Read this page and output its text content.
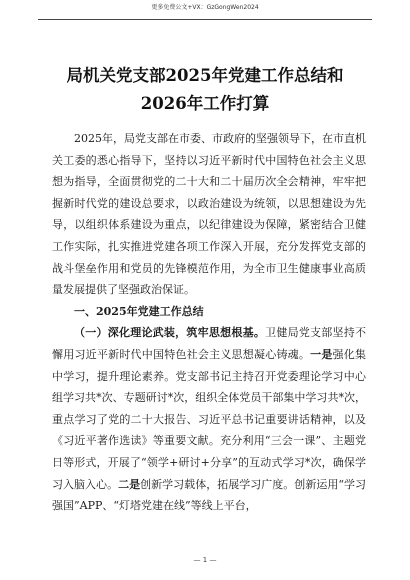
更多免费公文+VX：GzGongWen2024
局机关党支部2025年党建工作总结和
2026年工作打算

2025年，局党支部在市委、市政府的坚强领导下，在市直机关工委的悉心指导下，坚持以习近平新时代中国特色社会主义思想为指导，全面贯彻党的二十大和二十届历次全会精神，牢牢把握新时代党的建设总要求，以政治建设为统领，以思想建设为先导，以组织体系建设为重点，以纪律建设为保障，紧密结合卫健工作实际，扎实推进党建各项工作深入开展，充分发挥党支部的战斗堡垒作用和党员的先锋模范作用，为全市卫生健康事业高质量发展提供了坚强政治保证。

一、2025年党建工作总结

（一）深化理论武装，筑牢思想根基。卫健局党支部坚持不懈用习近平新时代中国特色社会主义思想凝心铸魂。一是强化集中学习，提升理论素养。党支部书记主持召开党委理论学习中心组学习共*次、专题研讨*次，组织全体党员干部集中学习共*次，重点学习了党的二十大报告、习近平总书记重要讲话精神，以及《习近平著作选读》等重要文献。充分利用“三会一课”、主题党日等形式，开展了“领学+研讨+分享”的互动式学习*次，确保学习入脑入心。二是创新学习载体，拓展学习广度。创新运用“学习强国”APP、“灯塔党建在线”等线上平台，

— 1 —
